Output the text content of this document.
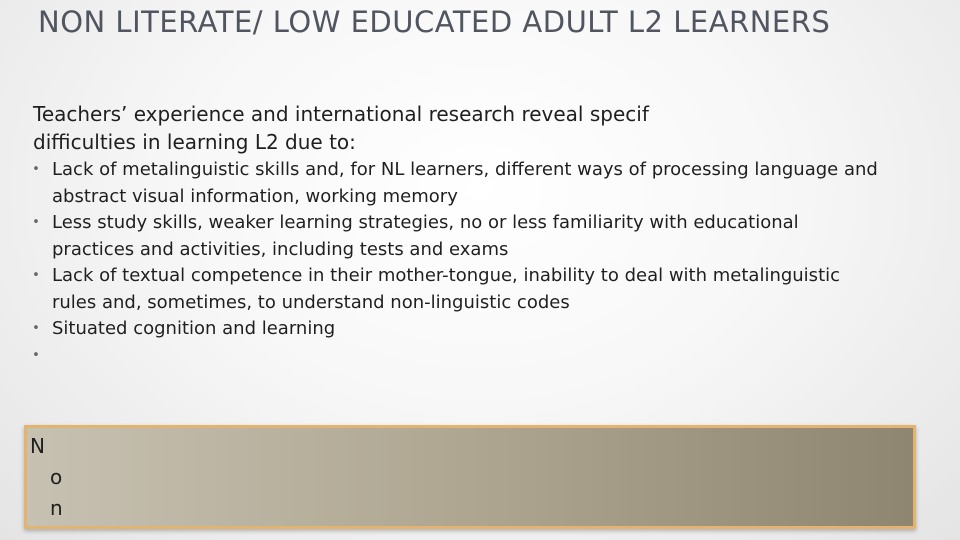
NON LITERATE/ LOW EDUCATED ADULT L2 LEARNERS

Teachers’ experience and international research reveal specif difficulties in learning L2 due to:

• Lack of metalinguistic skills and, for NL learners, different ways of processing language and abstract visual information, working memory
• Less study skills, weaker learning strategies, no or less familiarity with educational practices and activities, including tests and exams
• Lack of textual competence in their mother-tongue, inability to deal with metalinguistic rules and, sometimes, to understand non-linguistic codes
• Situated cognition and learning
•
N
o
n
